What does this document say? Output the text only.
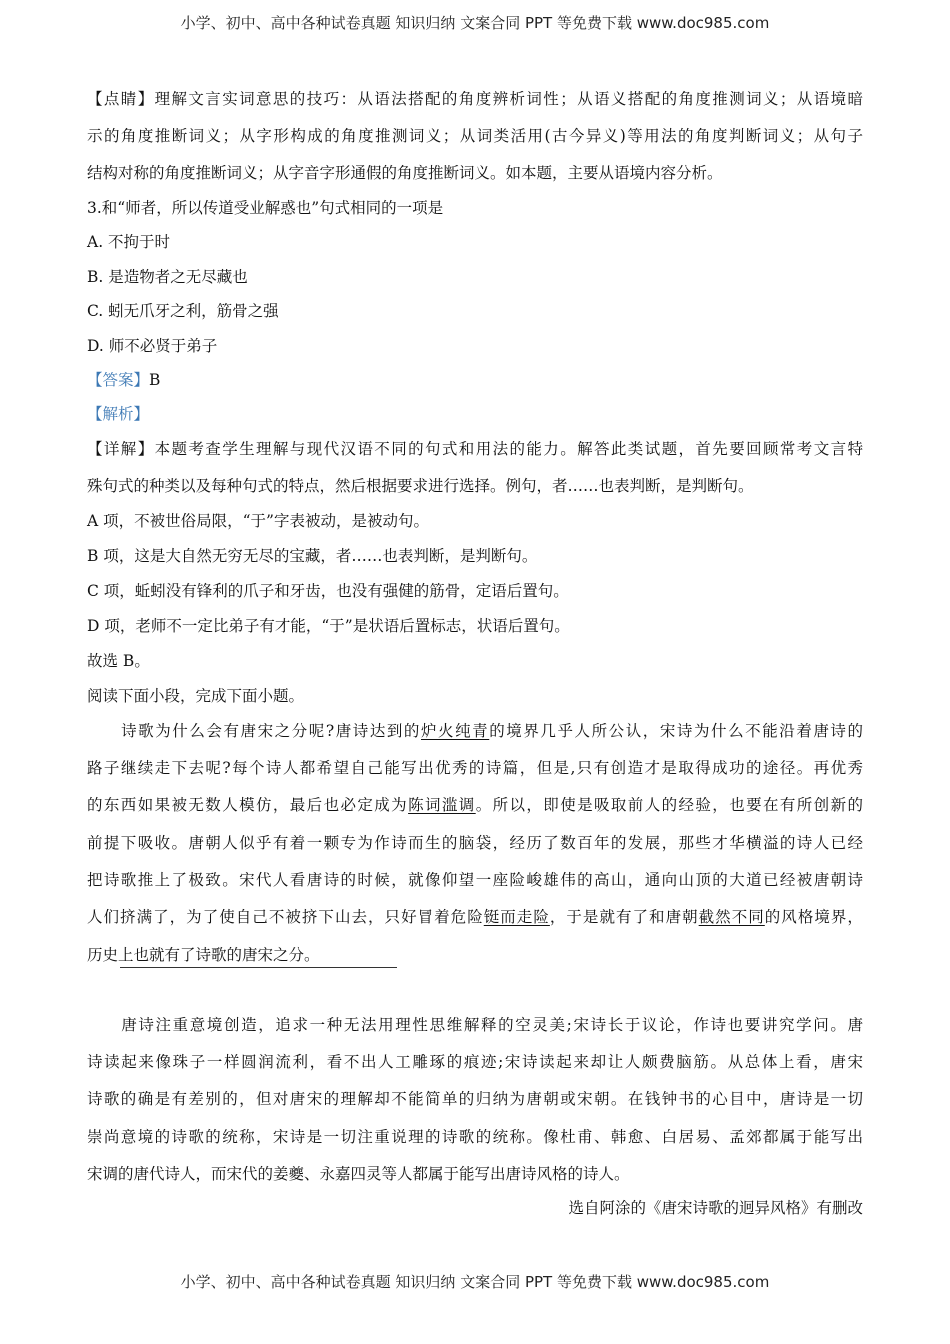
小学、初中、高中各种试卷真题 知识归纳 文案合同 PPT 等免费下载 www.doc985.com
【点睛】理解文言实词意思的技巧：从语法搭配的角度辨析词性；从语义搭配的角度推测词义；从语境暗
示的角度推断词义；从字形构成的角度推测词义；从词类活用(古今异义)等用法的角度判断词义；从句子
结构对称的角度推断词义；从字音字形通假的角度推断词义。如本题，主要从语境内容分析。
3.和“师者，所以传道受业解惑也”句式相同的一项是
A. 不拘于时
B. 是造物者之无尽藏也
C. 蚓无爪牙之利，筋骨之强
D. 师不必贤于弟子
【答案】B
【解析】
【详解】本题考查学生理解与现代汉语不同的句式和用法的能力。解答此类试题，首先要回顾常考文言特
殊句式的种类以及每种句式的特点，然后根据要求进行选择。例句，者……也表判断，是判断句。
A 项，不被世俗局限，“于”字表被动，是被动句。
B 项，这是大自然无穷无尽的宝藏，者……也表判断，是判断句。
C 项，蚯蚓没有锋利的爪子和牙齿，也没有强健的筋骨，定语后置句。
D 项，老师不一定比弟子有才能，“于”是状语后置标志，状语后置句。
故选 B。
阅读下面小段，完成下面小题。
　　诗歌为什么会有唐宋之分呢?唐诗达到的炉火纯青的境界几乎人所公认，宋诗为什么不能沿着唐诗的
路子继续走下去呢?每个诗人都希望自己能写出优秀的诗篇，但是,只有创造才是取得成功的途径。再优秀
的东西如果被无数人模仿，最后也必定成为陈词滥调。所以，即使是吸取前人的经验，也要在有所创新的
前提下吸收。唐朝人似乎有着一颗专为作诗而生的脑袋，经历了数百年的发展，那些才华横溢的诗人已经
把诗歌推上了极致。宋代人看唐诗的时候，就像仰望一座险峻雄伟的高山，通向山顶的大道已经被唐朝诗
人们挤满了，为了使自己不被挤下山去，只好冒着危险铤而走险，于是就有了和唐朝截然不同的风格境界，
历史上也就有了诗歌的唐宋之分。
　　唐诗注重意境创造，追求一种无法用理性思维解释的空灵美;宋诗长于议论，作诗也要讲究学问。唐
诗读起来像珠子一样圆润流利，看不出人工雕琢的痕迹;宋诗读起来却让人颇费脑筋。从总体上看，唐宋
诗歌的确是有差别的，但对唐宋的理解却不能简单的归纳为唐朝或宋朝。在钱钟书的心目中，唐诗是一切
崇尚意境的诗歌的统称，宋诗是一切注重说理的诗歌的统称。像杜甫、韩愈、白居易、孟郊都属于能写出
宋调的唐代诗人，而宋代的姜夔、永嘉四灵等人都属于能写出唐诗风格的诗人。
选自阿涂的《唐宋诗歌的迥异风格》有删改
小学、初中、高中各种试卷真题 知识归纳 文案合同 PPT 等免费下载 www.doc985.com
